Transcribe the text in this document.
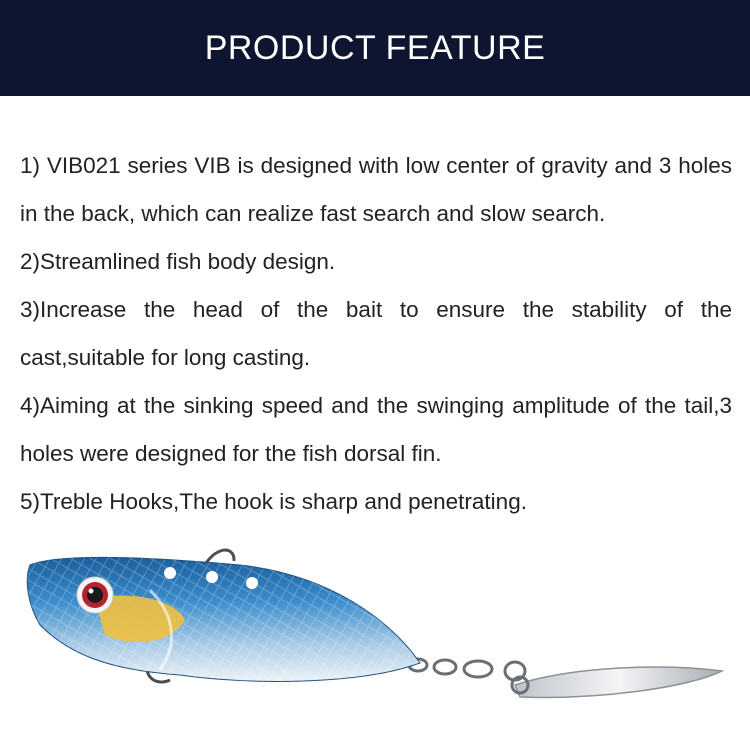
PRODUCT FEATURE

1) VIB021 series VIB is designed with low center of gravity and 3 holes in the back, which can realize fast search and slow search.

2)Streamlined fish body design.

3)Increase the head of the bait to ensure the stability of the cast,suitable for long casting.

4)Aiming at the sinking speed and the swinging amplitude of the tail,3 holes were designed for the fish dorsal fin.

5)Treble Hooks,The hook is sharp and penetrating.
